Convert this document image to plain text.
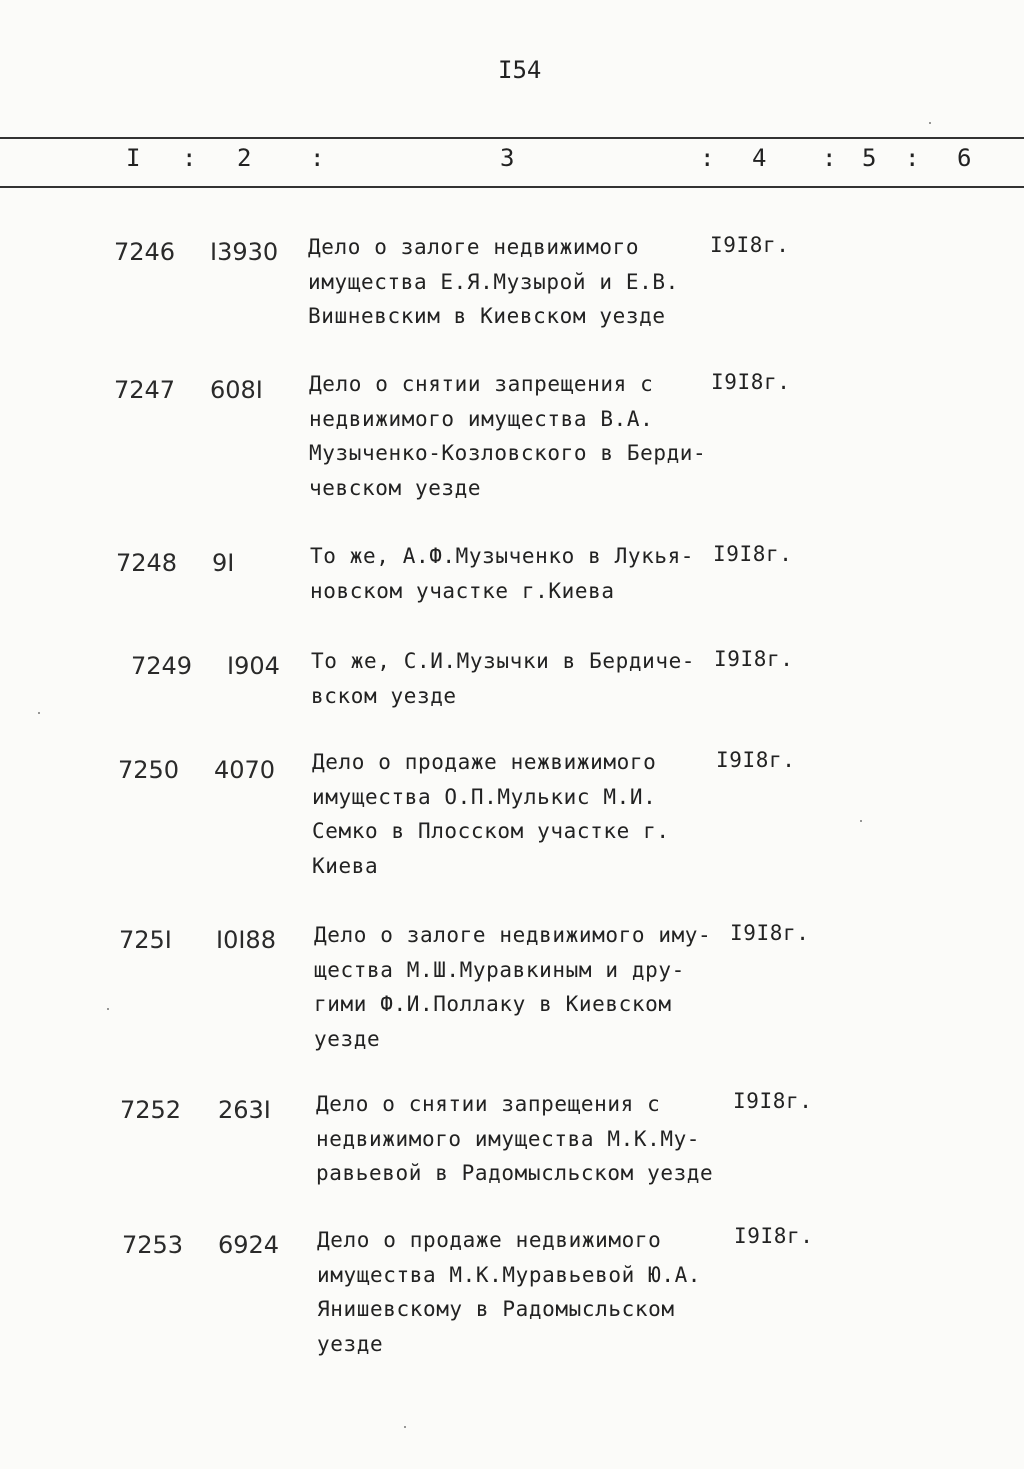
I54
I : 2 :	3	: 4 : 5 : 6
7246 I3930 Дело о залоге недвижимого
имущества Е.Я.Музырой и Е.В.
Вишневским в Киевском уезде
I9I8г.
7247 608I Дело о снятии запрещения с
недвижимого имущества В.А.
Музыченко-Козловского в Берди-
чевском уезде
I9I8г.
7248 9I	То же, А.Ф.Музыченко в Лукья-
новском участке г.Киева
I9I8г.
7249 I904 То же, С.И.Музычки в Бердиче-
вском уезде
I9I8г.
7250 4070 Дело о продаже нежвижимого
имущества О.П.Мулькис М.И.
Семко в Плосском участке г.
Киева
I9I8г.
725I I0I88 Дело о залоге недвижимого иму-
щества М.Ш.Муравкиным и дру-
гими Ф.И.Поллаку в Киевском
уезде
I9I8г.
7252 263I Дело о снятии запрещения с
недвижимого имущества М.К.Му-
равьевой в Радомысльском уезде
I9I8г.
7253 6924 Дело о продаже недвижимого
имущества М.К.Муравьевой Ю.А.
Янишевскому в Радомысльском
уезде
I9I8г.
